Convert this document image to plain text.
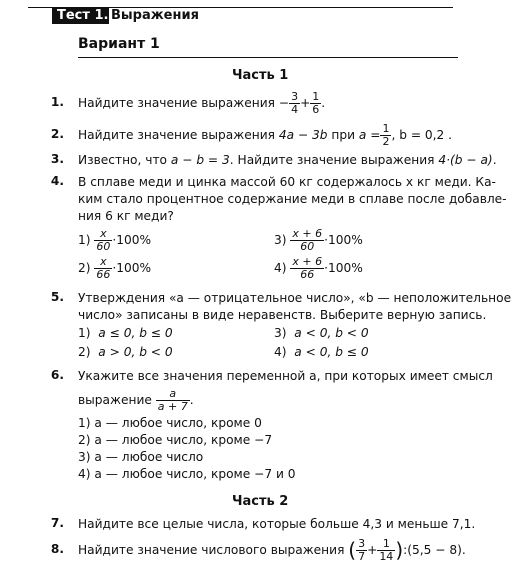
Тест 1. Выражения
Вариант 1
Часть 1
1. Найдите значение выражения − $\frac{3}{4} + \frac{1}{6}$ .
2. Найдите значение выражения
4a − 3b
при
$a = \frac{1}{2}$ , b = 0,2 .
3. Известно, что a − b = 3. Найдите значение выражения 4·(b − a).
4. В сплаве меди и цинка массой 60 кг содержалось x кг меди. Ка-
ким стало процентное содержание меди в сплаве после добавле-
ния 6 кг меди?
1)
$\frac{x}{60} \cdot 100\%$
2)
$\frac{x}{66} \cdot 100\%$
3)
$\frac{x + 6}{60} \cdot 100\%$
4)
$\frac{x + 6}{66} \cdot 100\%$
5. Утверждения «a — отрицательное число», «b — неположительное
число» записаны в виде неравенств. Выберите верную запись.
1) a ≤ 0, b ≤ 0
2) a > 0, b < 0
3) a < 0, b < 0
4) a < 0, b ≤ 0
6. Укажите все значения переменной a, при которых имеет смысл
выражение
$\frac{a}{a + 7}$ .
1) a — любое число, кроме 0
2) a — любое число, кроме −7
3) a — любое число
4) a — любое число, кроме −7 и 0
Часть 2
7. Найдите все целые числа, которые больше 4,3 и меньше 7,1.
8. Найдите значение числового выражения
( $\frac{3}{7} + \frac{1}{14}$ ) :(5,5 − 8).
